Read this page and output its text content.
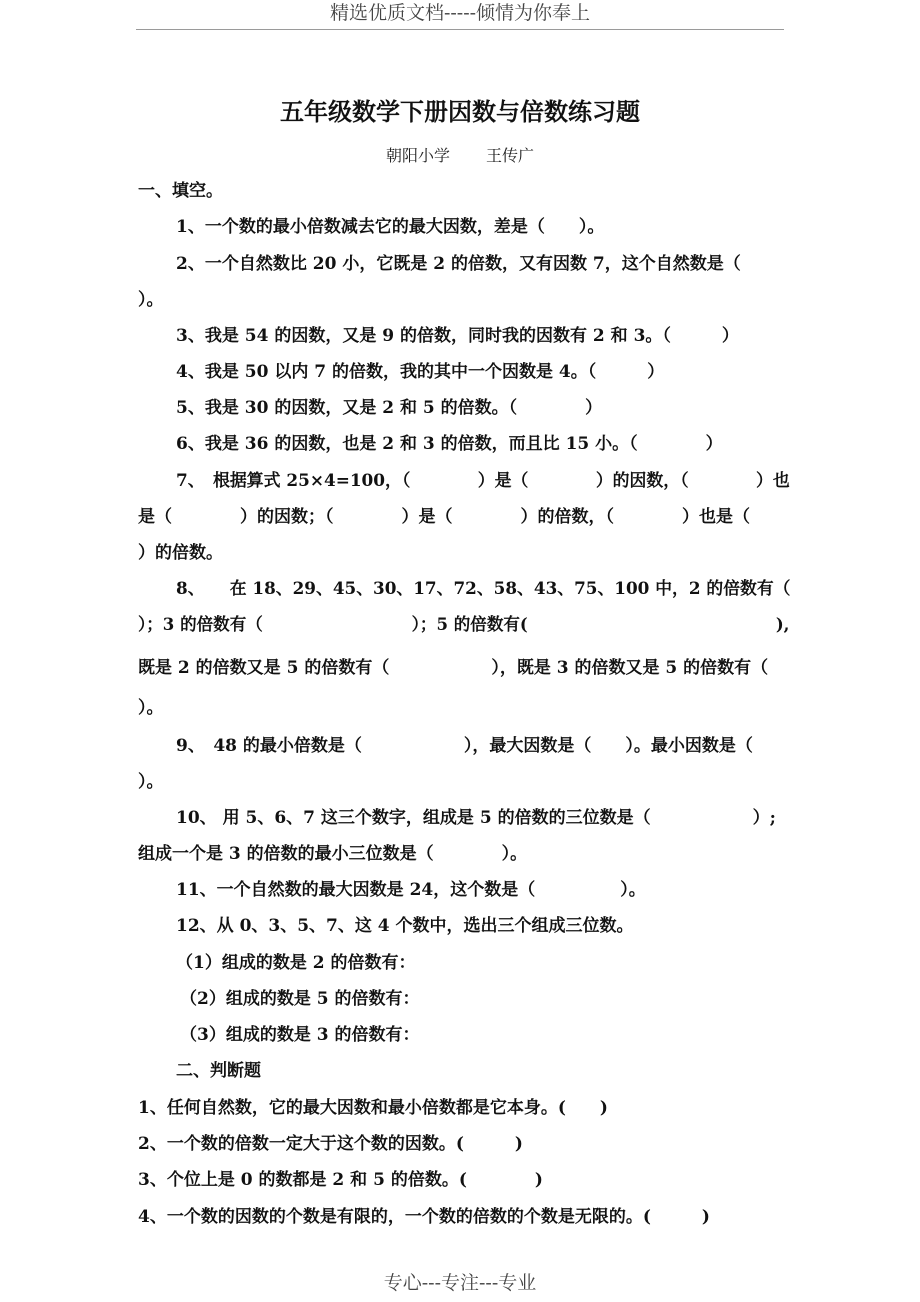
精选优质文档-----倾情为你奉上
五年级数学下册因数与倍数练习题
朝阳小学 王传广
一、填空。
1、一个数的最小倍数减去它的最大因数，差是（　　）。
2、一个自然数比 20 小，它既是 2 的倍数，又有因数 7，这个自然数是（
）。
3、我是 54 的因数，又是 9 的倍数，同时我的因数有 2 和 3。（　　　）
4、我是 50 以内 7 的倍数，我的其中一个因数是 4。（　　　）
5、我是 30 的因数，又是 2 和 5 的倍数。（　　　　）
6、我是 36 的因数，也是 2 和 3 的倍数，而且比 15 小。（　　　　）
7、　根据算式 25×4=100，（　　　　）是（　　　　）的因数，（　　　　）也
是（　　　　）的因数；（　　　　）是（　　　　）的倍数，（　　　　）也是（
）的倍数。
8、　　在 18、29、45、30、17、72、58、43、75、100 中，2 的倍数有（
）；3 的倍数有（　　　　　　　　　）；5 的倍数有(　　　　　　　　　　　　　　　),
既是 2 的倍数又是 5 的倍数有（　　　　　　），既是 3 的倍数又是 5 的倍数有（
）。
9、　48 的最小倍数是（　　　　　　），最大因数是（　　）。最小因数是（
）。
10、 用 5、6、7 这三个数字，组成是 5 的倍数的三位数是（　　　　　　）;
组成一个是 3 的倍数的最小三位数是（　　　　）。
11、一个自然数的最大因数是 24，这个数是（　　　　　）。
12、从 0、3、5、7、这 4 个数中，选出三个组成三位数。
（1）组成的数是 2 的倍数有：
（2）组成的数是 5 的倍数有：
（3）组成的数是 3 的倍数有：
二、判断题
1、任何自然数，它的最大因数和最小倍数都是它本身。(　　)
2、一个数的倍数一定大于这个数的因数。(　　　)
3、个位上是 0 的数都是 2 和 5 的倍数。(　　　　)
4、一个数的因数的个数是有限的，一个数的倍数的个数是无限的。(　　　)
专心---专注---专业
